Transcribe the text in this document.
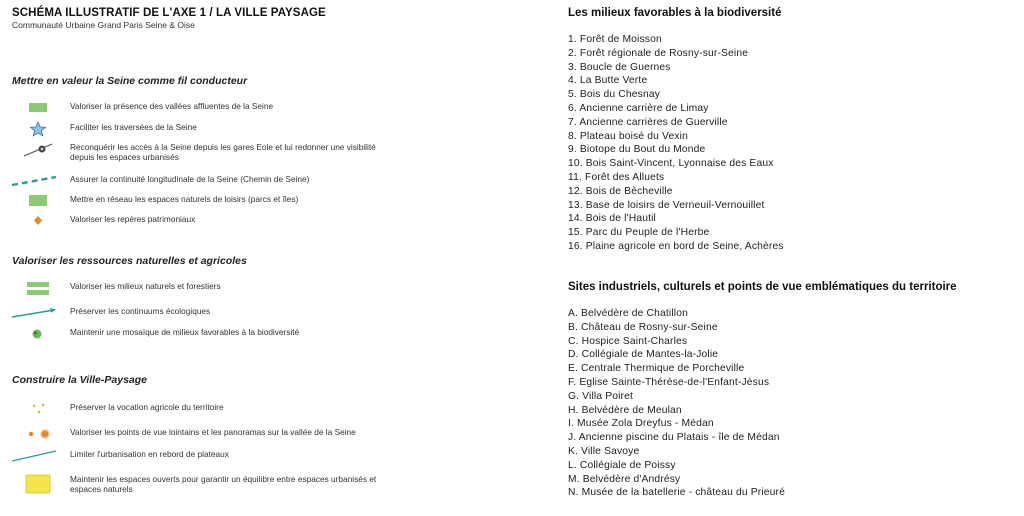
SCHÉMA ILLUSTRATIF DE L'AXE 1 / LA VILLE PAYSAGE
Communauté Urbaine Grand Paris Seine & Oise
Mettre en valeur la Seine comme fil conducteur
Valoriser la présence des vallées affluentes de la Seine
Faciliter les traversées de la Seine
Reconquérir les accès à la Seine depuis les gares Eole et lui redonner une visibilité depuis les espaces urbanisés
Assurer la continuité longitudinale de la Seine (Chemin de Seine)
Mettre en réseau les espaces naturels de loisirs (parcs et îles)
Valoriser les repères patrimoniaux
Valoriser les ressources naturelles et agricoles
Valoriser les milieux naturels et forestiers
Préserver les continuums écologiques
Maintenir une mosaïque de milieux favorables à la biodiversité
Construire la Ville-Paysage
Préserver la vocation agricole du territoire
Valoriser les points de vue lointains et les panoramas sur la vallée de la Seine
Limiter l'urbanisation en rebord de plateaux
Maintenir les espaces ouverts pour garantir un équilibre entre espaces urbanisés et espaces naturels
Les milieux favorables à la biodiversité
1. Forêt de Moisson
2. Forêt régionale de Rosny-sur-Seine
3. Boucle de Guernes
4. La Butte Verte
5. Bois du Chesnay
6. Ancienne carrière de Limay
7. Ancienne carrières de Guerville
8. Plateau boisé du Vexin
9. Biotope du Bout du Monde
10. Bois Saint-Vincent, Lyonnaise des Eaux
11. Forêt des Alluets
12. Bois de Bècheville
13. Base de loisirs de Verneuil-Vernouillet
14. Bois de l'Hautil
15. Parc du Peuple de l'Herbe
16. Plaine agricole en bord de Seine, Achères
Sites industriels, culturels et points de vue emblématiques du territoire
A. Belvédère de Chatillon
B. Château de Rosny-sur-Seine
C. Hospice Saint-Charles
D. Collégiale de Mantes-la-Jolie
E. Centrale Thermique de Porcheville
F. Eglise Sainte-Thérèse-de-l'Enfant-Jésus
G. Villa Poiret
H. Belvédère de Meulan
I. Musée Zola Dreyfus - Médan
J. Ancienne piscine du Platais - île de Médan
K. Ville Savoye
L. Collégiale de Poissy
M. Belvédère d'Andrésy
N. Musée de la batellerie - château du Prieuré
